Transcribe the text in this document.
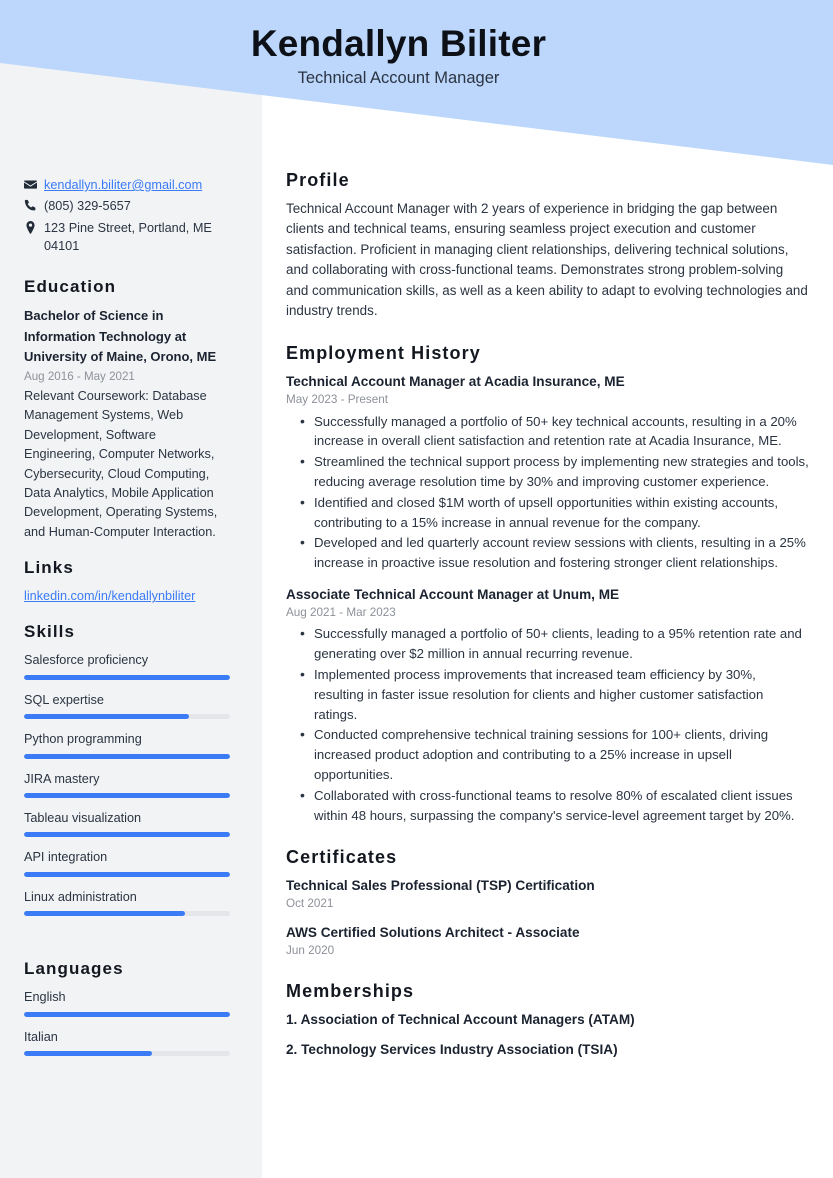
Kendallyn Biliter
Technical Account Manager
kendallyn.biliter@gmail.com
(805) 329-5657
123 Pine Street, Portland, ME 04101
Education
Bachelor of Science in Information Technology at University of Maine, Orono, ME
Aug 2016 - May 2021
Relevant Coursework: Database Management Systems, Web Development, Software Engineering, Computer Networks, Cybersecurity, Cloud Computing, Data Analytics, Mobile Application Development, Operating Systems, and Human-Computer Interaction.
Links
linkedin.com/in/kendallynbiliter
Skills
Salesforce proficiency
SQL expertise
Python programming
JIRA mastery
Tableau visualization
API integration
Linux administration
Languages
English
Italian
Profile

Technical Account Manager with 2 years of experience in bridging the gap between clients and technical teams, ensuring seamless project execution and customer satisfaction. Proficient in managing client relationships, delivering technical solutions, and collaborating with cross-functional teams. Demonstrates strong problem-solving and communication skills, as well as a keen ability to adapt to evolving technologies and industry trends.

Employment History
Technical Account Manager at Acadia Insurance, ME
May 2023 - Present
• Successfully managed a portfolio of 50+ key technical accounts, resulting in a 20% increase in overall client satisfaction and retention rate at Acadia Insurance, ME.
• Streamlined the technical support process by implementing new strategies and tools, reducing average resolution time by 30% and improving customer experience.
• Identified and closed $1M worth of upsell opportunities within existing accounts, contributing to a 15% increase in annual revenue for the company.
• Developed and led quarterly account review sessions with clients, resulting in a 25% increase in proactive issue resolution and fostering stronger client relationships.
Associate Technical Account Manager at Unum, ME
Aug 2021 - Mar 2023
• Successfully managed a portfolio of 50+ clients, leading to a 95% retention rate and generating over $2 million in annual recurring revenue.
• Implemented process improvements that increased team efficiency by 30%, resulting in faster issue resolution for clients and higher customer satisfaction ratings.
• Conducted comprehensive technical training sessions for 100+ clients, driving increased product adoption and contributing to a 25% increase in upsell opportunities.
• Collaborated with cross-functional teams to resolve 80% of escalated client issues within 48 hours, surpassing the company's service-level agreement target by 20%.
Certificates
Technical Sales Professional (TSP) Certification
Oct 2021
AWS Certified Solutions Architect - Associate
Jun 2020
Memberships
1. Association of Technical Account Managers (ATAM)
2. Technology Services Industry Association (TSIA)
